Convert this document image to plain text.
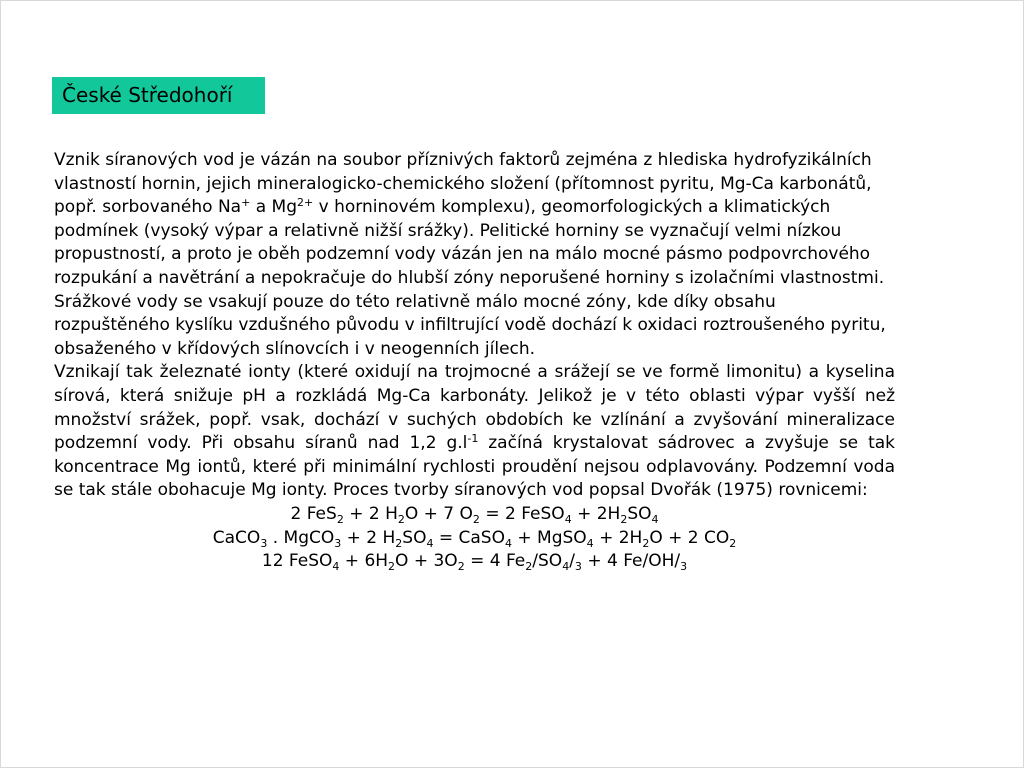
České Středohoří

Vznik síranových vod je vázán na soubor příznivých faktorů zejména z hlediska hydrofyzikálních vlastností hornin, jejich mineralogicko-chemického složení (přítomnost pyritu, Mg-Ca karbonátů, popř. sorbovaného Na+ a $Mg^{2+}$ v horninovém komplexu), geomorfologických a klimatických podmínek (vysoký výpar a relativně nižší srážky). Pelitické horniny se vyznačují velmi nízkou propustností, a proto je oběh podzemní vody vázán jen na málo mocné pásmo podpovrchového rozpukání a navětrání a nepokračuje do hlubší zóny neporušené horniny s izolačními vlastnostmi. Srážkové vody se vsakují pouze do této relativně málo mocné zóny, kde díky obsahu rozpuštěného kyslíku vzdušného původu v infiltrující vodě dochází k oxidaci roztroušeného pyritu, obsaženého v křídových slínovcích i v neogenních jílech.

Vznikají tak železnaté ionty (které oxidují na trojmocné a srážejí se ve formě limonitu) a kyselina sírová, která snižuje pH a rozkládá Mg-Ca karbonáty. Jelikož je v této oblasti výpar vyšší než množství srážek, popř. vsak, dochází v suchých obdobích ke vzlínání a zvyšování mineralizace podzemní vody. Při obsahu síranů nad 1,2 $g.l^{-1}$ začíná krystalovat sádrovec a zvyšuje se tak koncentrace Mg iontů, které při minimální rychlosti proudění nejsou odplavovány. Podzemní voda se tak stále obohacuje Mg ionty. Proces tvorby síranových vod popsal Dvořák (1975) rovnicemi:

2 FeS$_2$ + 2 $H_2O + 7$ $O_2 = 2$ FeSO$_4$ + $2H_2SO_4$
CaCO$_3$ . MgCO$_3$ + 2 $H_2SO_4$ = CaSO$_4$ + MgSO$_4$ + $2H_2O + 2$ $CO_2$
12 FeSO$_4$ + $6H_2O + 3O_2 = 4$ $Fe_2/SO_4/_3 + 4$ $Fe/OH/_3$
